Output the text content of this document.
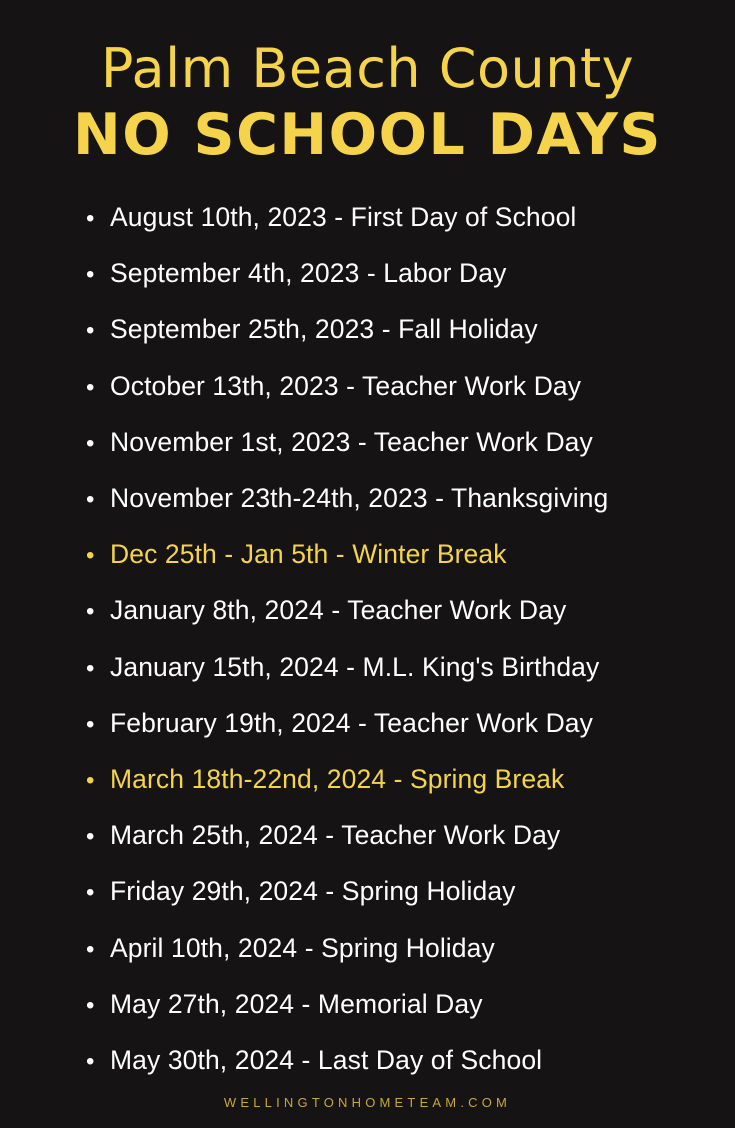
Palm Beach County
NO SCHOOL DAYS
• August 10th, 2023 - First Day of School
• September 4th, 2023 - Labor Day
• September 25th, 2023 - Fall Holiday
• October 13th, 2023 - Teacher Work Day
• November 1st, 2023 - Teacher Work Day
• November 23th-24th, 2023 - Thanksgiving
• Dec 25th - Jan 5th - Winter Break
• January 8th, 2024 - Teacher Work Day
• January 15th, 2024 - M.L. King's Birthday
• February 19th, 2024 - Teacher Work Day
• March 18th-22nd, 2024 - Spring Break
• March 25th, 2024 - Teacher Work Day
• Friday 29th, 2024 - Spring Holiday
• April 10th, 2024 - Spring Holiday
• May 27th, 2024 - Memorial Day
• May 30th, 2024 - Last Day of School
WELLINGTONHOMETEAM.COM
